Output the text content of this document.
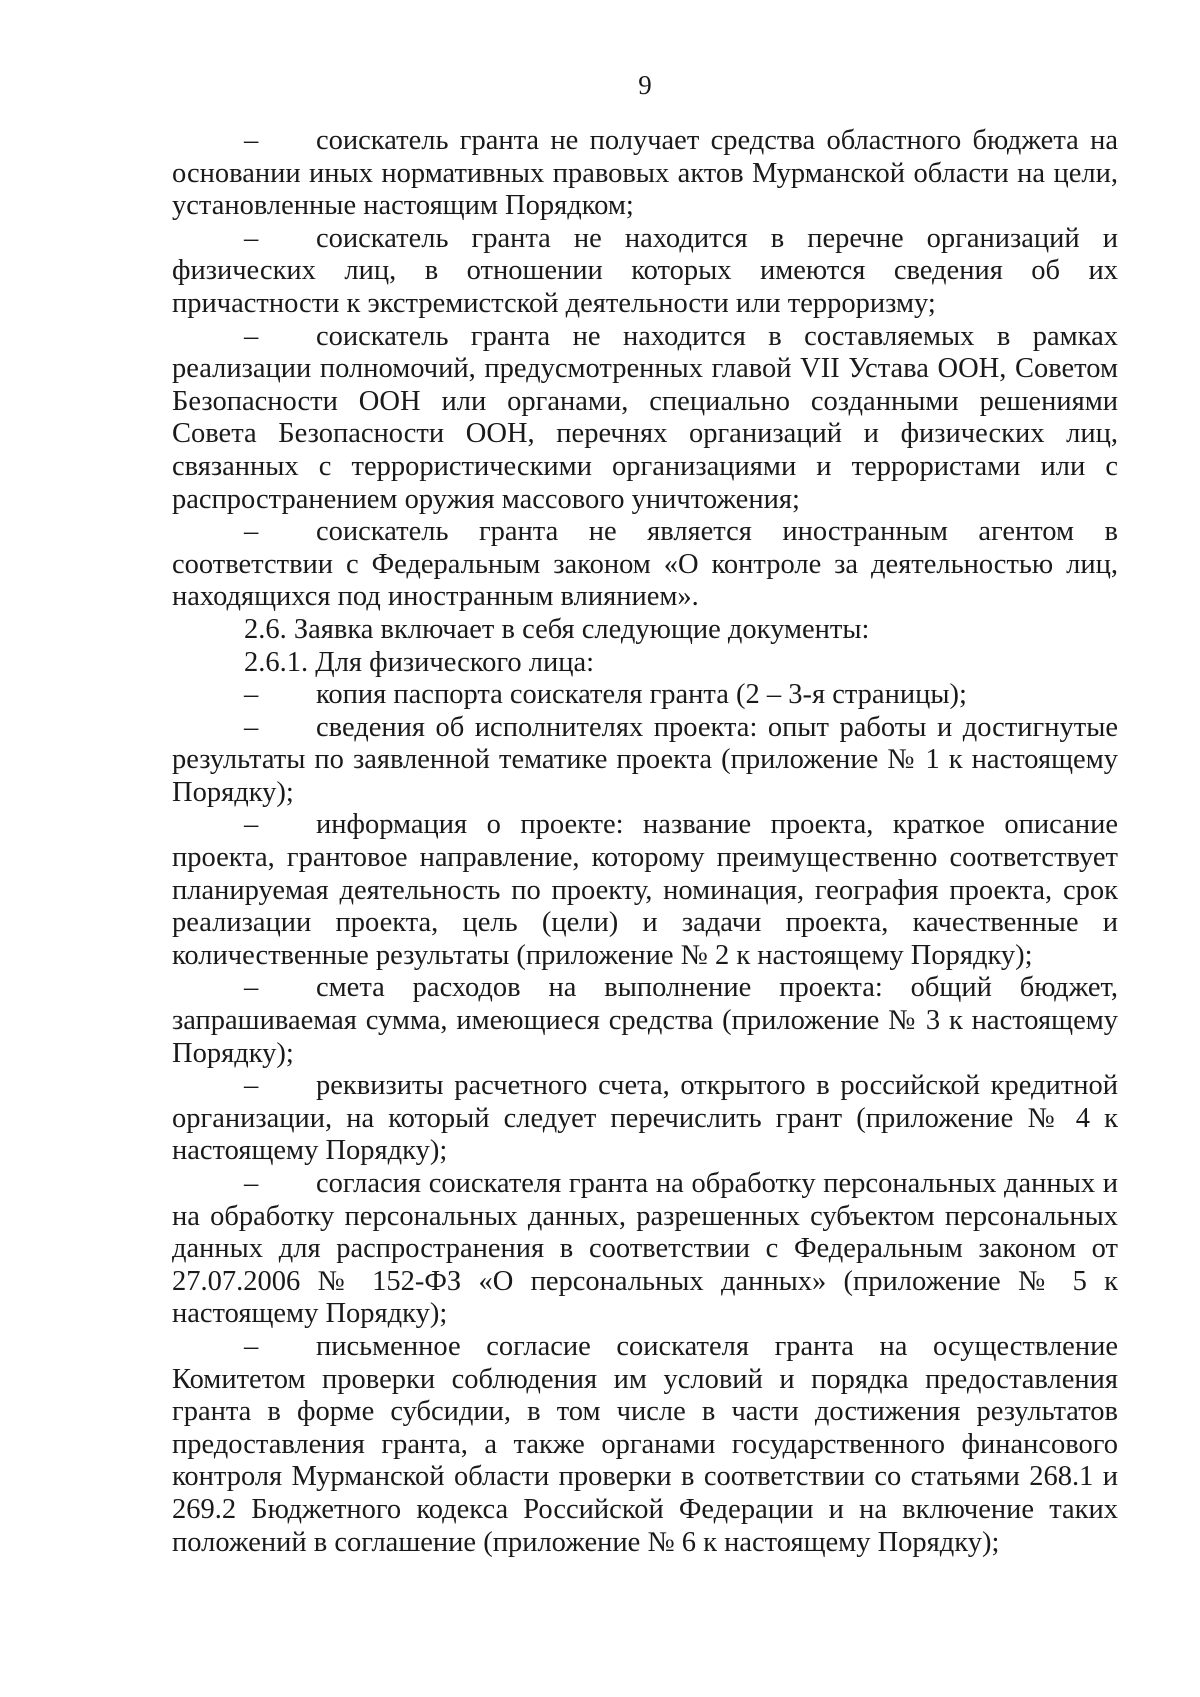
9

– соискатель гранта не получает средства областного бюджета на основании иных нормативных правовых актов Мурманской области на цели, установленные настоящим Порядком;

– соискатель гранта не находится в перечне организаций и физических лиц, в отношении которых имеются сведения об их причастности к экстремистской деятельности или терроризму;

– соискатель гранта не находится в составляемых в рамках реализации полномочий, предусмотренных главой VII Устава ООН, Советом Безопасности ООН или органами, специально созданными решениями Совета Безопасности ООН, перечнях организаций и физических лиц, связанных с террористическими организациями и террористами или с распространением оружия массового уничтожения;

– соискатель гранта не является иностранным агентом в соответствии с Федеральным законом «О контроле за деятельностью лиц, находящихся под иностранным влиянием».

2.6. Заявка включает в себя следующие документы:

2.6.1. Для физического лица:

– копия паспорта соискателя гранта (2 – 3-я страницы);

– сведения об исполнителях проекта: опыт работы и достигнутые результаты по заявленной тематике проекта (приложение № 1 к настоящему Порядку);

– информация о проекте: название проекта, краткое описание проекта, грантовое направление, которому преимущественно соответствует планируемая деятельность по проекту, номинация, география проекта, срок реализации проекта, цель (цели) и задачи проекта, качественные и количественные результаты (приложение № 2 к настоящему Порядку);

– смета расходов на выполнение проекта: общий бюджет, запрашиваемая сумма, имеющиеся средства (приложение № 3 к настоящему Порядку);

– реквизиты расчетного счета, открытого в российской кредитной организации, на который следует перечислить грант (приложение № 4 к настоящему Порядку);

– согласия соискателя гранта на обработку персональных данных и на обработку персональных данных, разрешенных субъектом персональных данных для распространения в соответствии с Федеральным законом от 27.07.2006 № 152-ФЗ «О персональных данных» (приложение № 5 к настоящему Порядку);

– письменное согласие соискателя гранта на осуществление Комитетом проверки соблюдения им условий и порядка предоставления гранта в форме субсидии, в том числе в части достижения результатов предоставления гранта, а также органами государственного финансового контроля Мурманской области проверки в соответствии со статьями 268.1 и 269.2 Бюджетного кодекса Российской Федерации и на включение таких положений в соглашение (приложение № 6 к настоящему Порядку);
